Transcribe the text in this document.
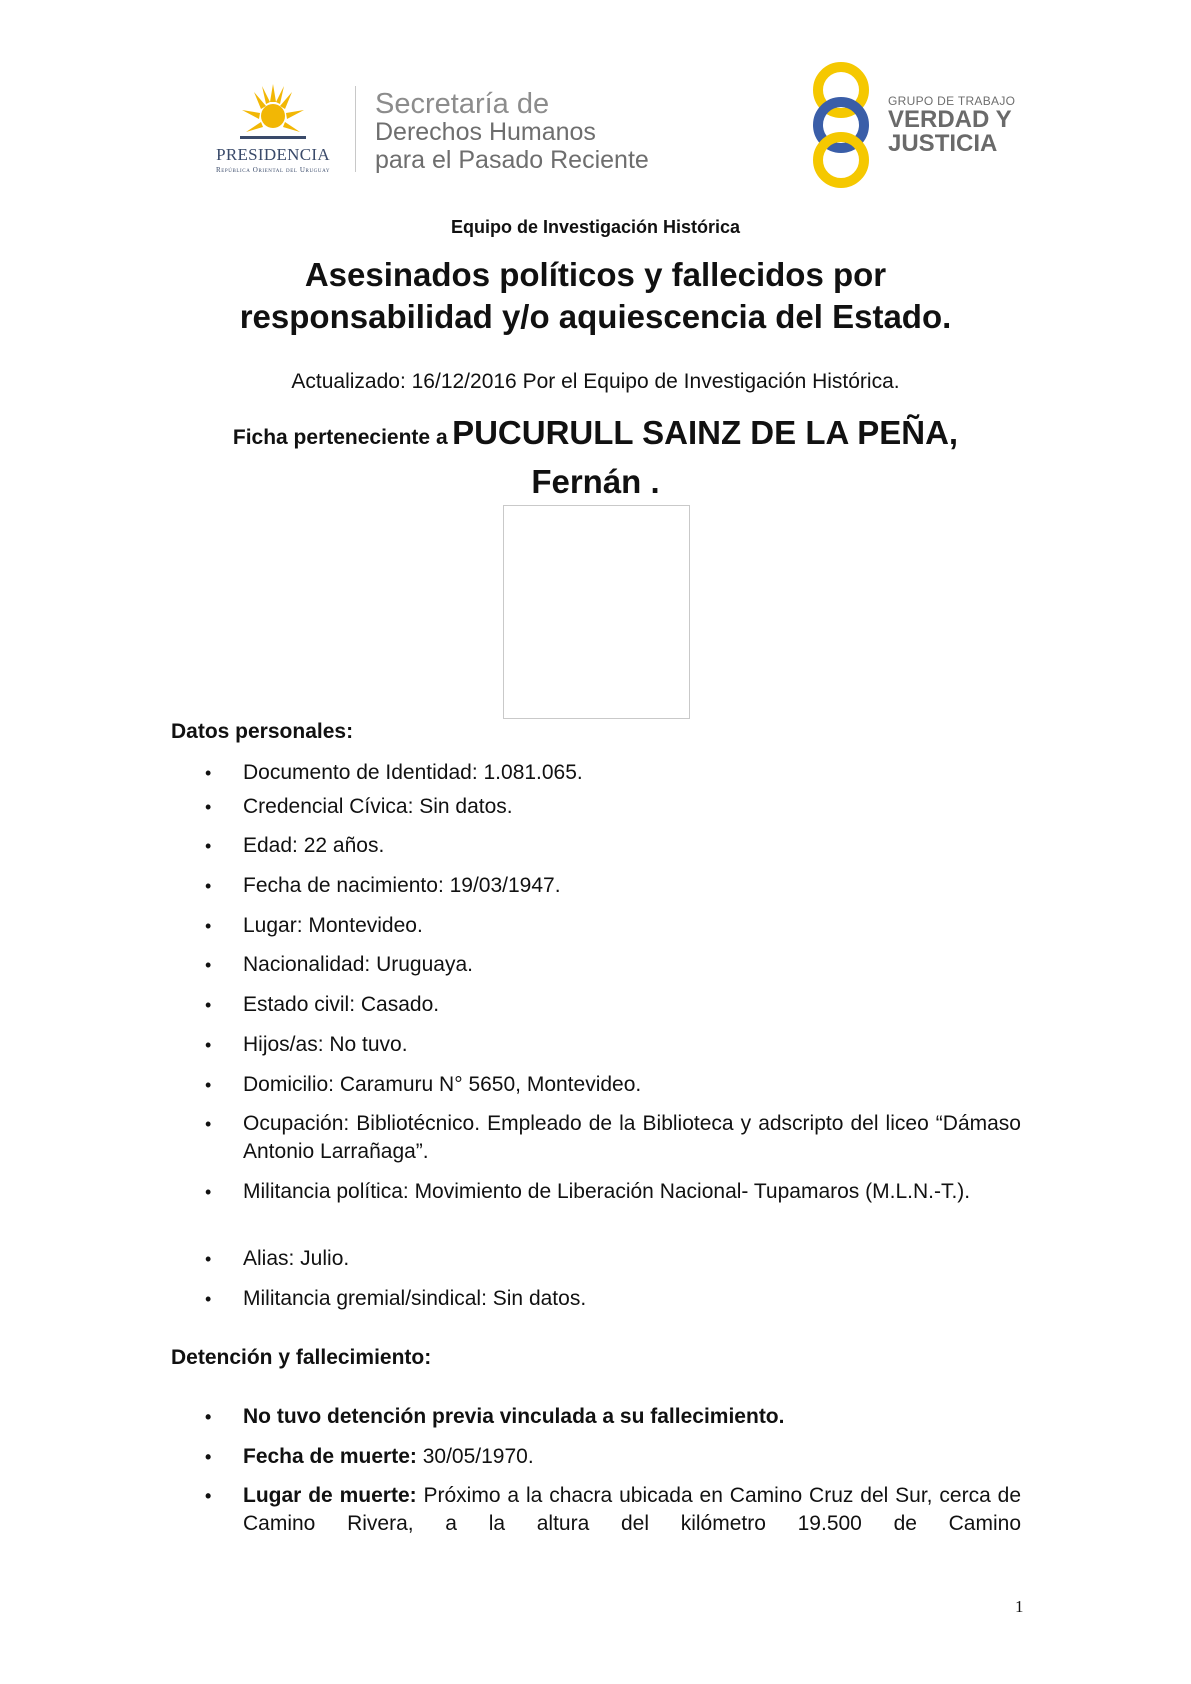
PRESIDENCIA
República Oriental del Uruguay
Secretaría de
Derechos Humanos
para el Pasado Reciente
GRUPO DE TRABAJO
VERDAD Y
JUSTICIA
Equipo de Investigación Histórica
Asesinados políticos y fallecidos por
responsabilidad y/o aquiescencia del Estado.
Actualizado: 16/12/2016 Por el Equipo de Investigación Histórica.
Ficha perteneciente a PUCURULL SAINZ DE LA PEÑA,
Fernán .
Datos personales:
• Documento de Identidad: 1.081.065.
• Credencial Cívica: Sin datos.
• Edad: 22 años.
• Fecha de nacimiento: 19/03/1947.
• Lugar: Montevideo.
• Nacionalidad: Uruguaya.
• Estado civil: Casado.
• Hijos/as: No tuvo.
• Domicilio: Caramuru N° 5650, Montevideo.
• Ocupación: Bibliotécnico. Empleado de la Biblioteca y adscripto del liceo “Dámaso Antonio Larrañaga”.
• Militancia política: Movimiento de Liberación Nacional- Tupamaros (M.L.N.-T.).
• Alias: Julio.
• Militancia gremial/sindical: Sin datos.
Detención y fallecimiento:
• No tuvo detención previa vinculada a su fallecimiento.
• Fecha de muerte: 30/05/1970.
• Lugar de muerte: Próximo a la chacra ubicada en Camino Cruz del Sur, cerca de Camino Rivera, a la altura del kilómetro 19.500 de Camino
1
